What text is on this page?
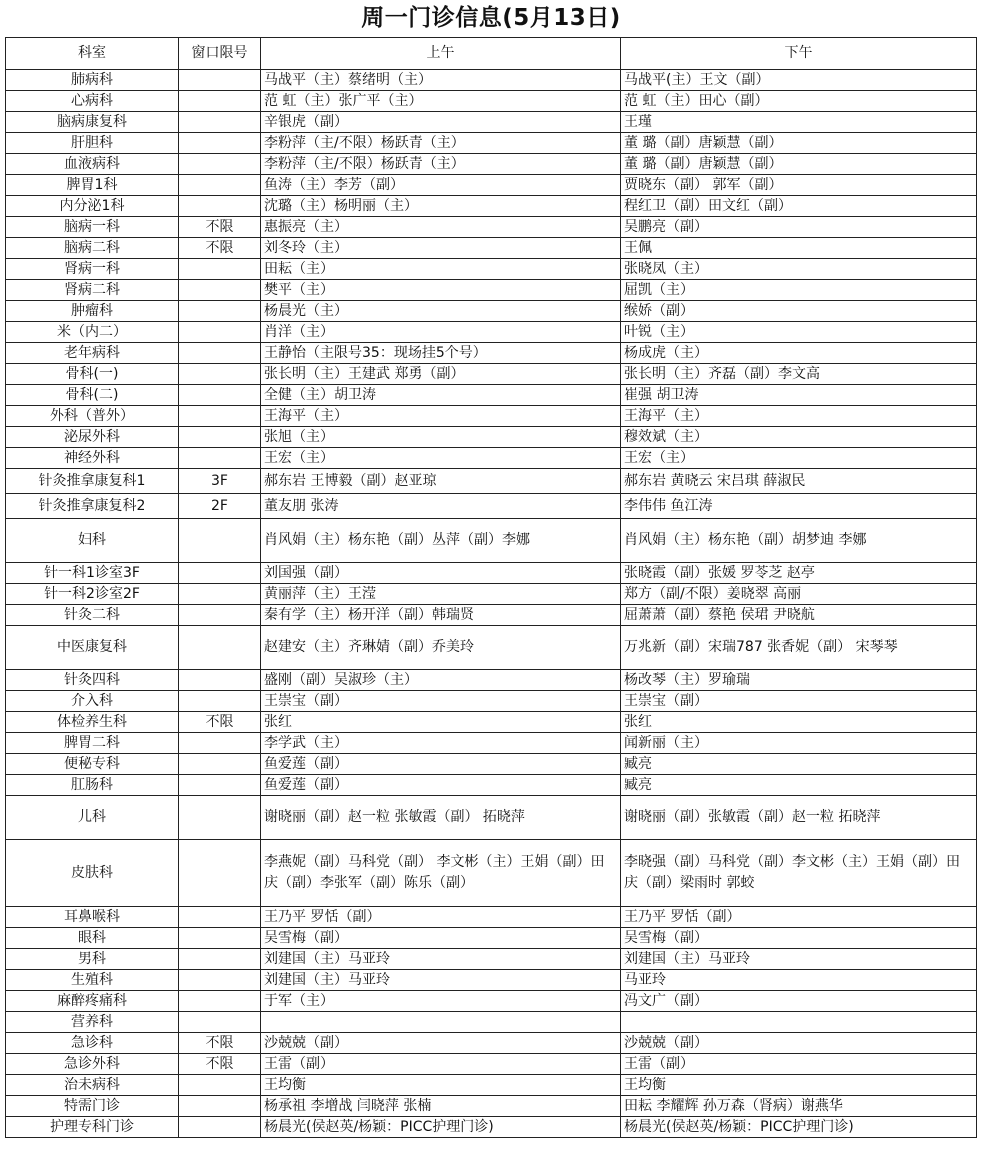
周一门诊信息(5月13日)
科室	窗口限号	上午	下午
肺病科		马战平（主）蔡绪明（主）	马战平(主）王文（副）
心病科		范 虹（主）张广平（主）	范 虹（主）田心（副）
脑病康复科		辛银虎（副）	王瑾
肝胆科		李粉萍（主/不限）杨跃青（主）	董 璐（副）唐颖慧（副）
血液病科		李粉萍（主/不限）杨跃青（主）	董 璐（副）唐颖慧（副）
脾胃1科		鱼涛（主）李芳（副）	贾晓东（副） 郭军（副）
内分泌1科		沈璐（主）杨明丽（主）	程红卫（副）田文红（副）
脑病一科	不限	惠振亮（主）	吴鹏亮（副）
脑病二科	不限	刘冬玲（主）	王佩
肾病一科		田耘（主）	张晓凤（主）
肾病二科		樊平（主）	屈凯（主）
肿瘤科		杨晨光（主）	缑娇（副）
米（内二）		肖洋（主）	叶锐（主）
老年病科		王静怡（主限号35：现场挂5个号）	杨成虎（主）
骨科(一)		张长明（主）王建武 郑勇（副）	张长明（主）齐磊（副）李文高
骨科(二)		全健（主）胡卫涛	崔强 胡卫涛
外科（普外）		王海平（主）	王海平（主）
泌尿外科		张旭（主）	穆效斌（主）
神经外科		王宏（主）	王宏（主）
针灸推拿康复科1	3F	郝东岩 王博毅（副）赵亚琼	郝东岩 黄晓云 宋吕琪 薛淑民
针灸推拿康复科2	2F	董友朋 张涛	李伟伟 鱼江涛
妇科		肖风娟（主）杨东艳（副）丛萍（副）李娜	肖风娟（主）杨东艳（副）胡梦迪 李娜
针一科1诊室3F		刘国强（副）	张晓霞（副）张媛 罗苓芝 赵亭
针一科2诊室2F		黄丽萍（主）王滢	郑方（副/不限）姜晓翠 高丽
针灸二科		秦有学（主）杨开洋（副）韩瑞贤	屈萧萧（副）蔡艳 侯珺 尹晓航
中医康复科		赵建安（主）齐琳婧（副）乔美玲	万兆新（副）宋瑞787 张香妮（副） 宋琴琴
针灸四科		盛刚（副）吴淑珍（主）	杨改琴（主）罗瑜瑞
介入科		王崇宝（副）	王崇宝（副）
体检养生科	不限	张红	张红
脾胃二科		李学武（主）	闻新丽（主）
便秘专科		鱼爱莲（副）	臧亮
肛肠科		鱼爱莲（副）	臧亮
儿科		谢晓丽（副）赵一粒 张敏霞（副） 拓晓萍	谢晓丽（副）张敏霞（副）赵一粒 拓晓萍
皮肤科		李燕妮（副）马科党（副） 李文彬（主）王娟（副）田庆（副）李张军（副）陈乐（副）	李晓强（副）马科党（副）李文彬（主）王娟（副）田庆（副）梁雨时 郭蛟
耳鼻喉科		王乃平 罗恬（副）	王乃平 罗恬（副）
眼科		吴雪梅（副）	吴雪梅（副）
男科		刘建国（主）马亚玲	刘建国（主）马亚玲
生殖科		刘建国（主）马亚玲	马亚玲
麻醉疼痛科		于军（主）	冯文广（副）
营养科			
急诊科	不限	沙兢兢（副）	沙兢兢（副）
急诊外科	不限	王雷（副）	王雷（副）
治未病科		王均衡	王均衡
特需门诊		杨承祖 李增战 闫晓萍 张楠	田耘 李耀辉 孙万森（肾病）谢燕华
护理专科门诊		杨晨光(侯赵英/杨颖：PICC护理门诊)	杨晨光(侯赵英/杨颖：PICC护理门诊)
